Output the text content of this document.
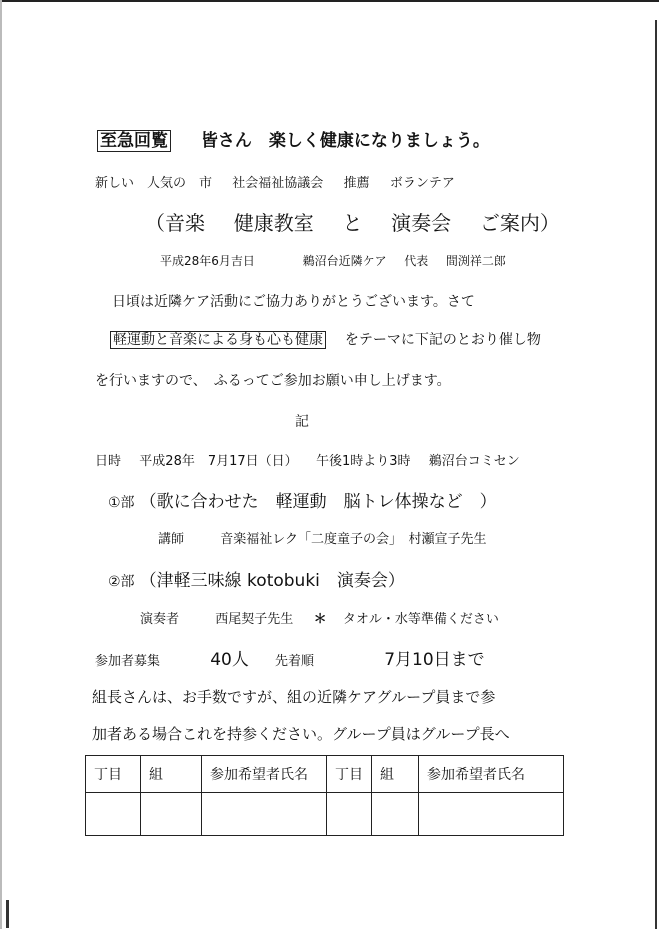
至急回覧 皆さん　楽しく健康になりましょう。
新しい　人気の　市 社会福祉協議会 推薦 ボランテア
（音楽 健康教室 と 演奏会 ご案内）
平成28年6月吉日	鵜沼台近隣ケア 代表 間渕祥二郎
日頃は近隣ケア活動にご協力ありがとうございます。さて
軽運動と音楽による身も心も健康 をテーマに下記のとおり催し物
を行いますので、　ふるってご参加お願い申し上げます。
記
日時 平成28年　7月17日（日） 午後1時より3時 鵜沼台コミセン
①部 （歌に合わせた　軽運動　脳トレ体操など　）
講師	音楽福祉レク「二度童子の会」　村瀬宣子先生
②部 （津軽三味線 kotobuki　演奏会）
演奏者	西尾契子先生 ＊ タオル・水等準備ください
参加者募集	40人 先着順	7月10日まで
組長さんは、お手数ですが、組の近隣ケアグループ員まで参
加者ある場合これを持参ください。グループ員はグループ長へ
丁目	組	参加希望者氏名	丁目	組	参加希望者氏名
